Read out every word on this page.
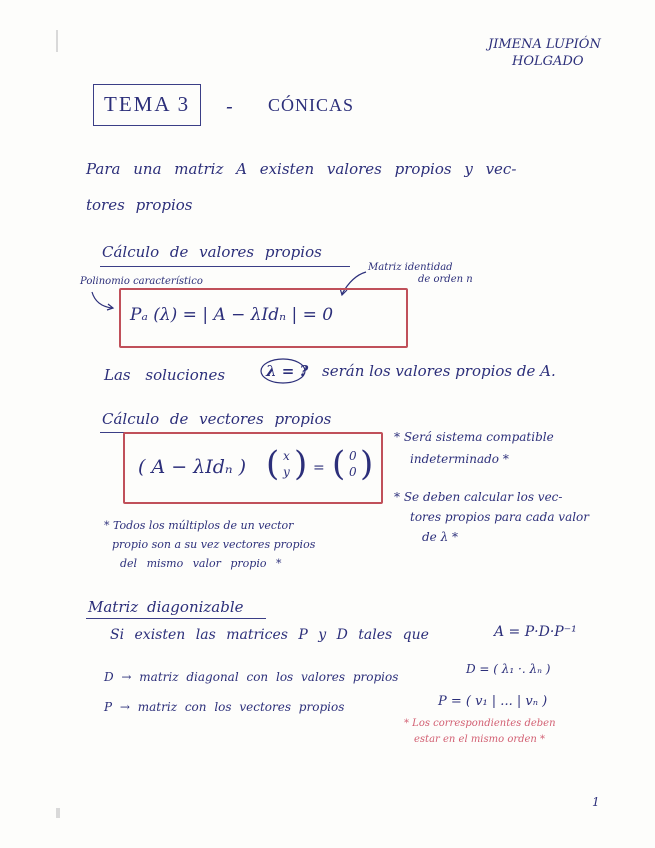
JIMENA LUPIÓN
HOLGADO
TEMA 3 - CÓNICAS
Para una matriz A existen valores propios y vec-
tores propios
Cálculo de valores propios
Polinomio característico
Matriz identidad
de orden n
Pₐ (λ) = | A − λIdₙ | = 0
Las soluciones	λ = ? serán los valores propios de A.
Cálculo de vectores propios
( A − λIdₙ ) ( x
y ) = ( 0
0 )
* Será sistema compatible
indeterminado *
* Se deben calcular los vec-
tores propios para cada valor
de λ *
* Todos los múltiplos de un vector
propio son a su vez vectores propios
del mismo valor propio *
Matriz diagonizable
Si existen las matrices P y D tales que	A = P·D·P⁻¹
D → matriz diagonal con los valores propios
D = ( λ₁ ·. λₙ )
P → matriz con los vectores propios	P = ( v₁ | ... | vₙ )
* Los correspondientes deben
estar en el mismo orden *
1
